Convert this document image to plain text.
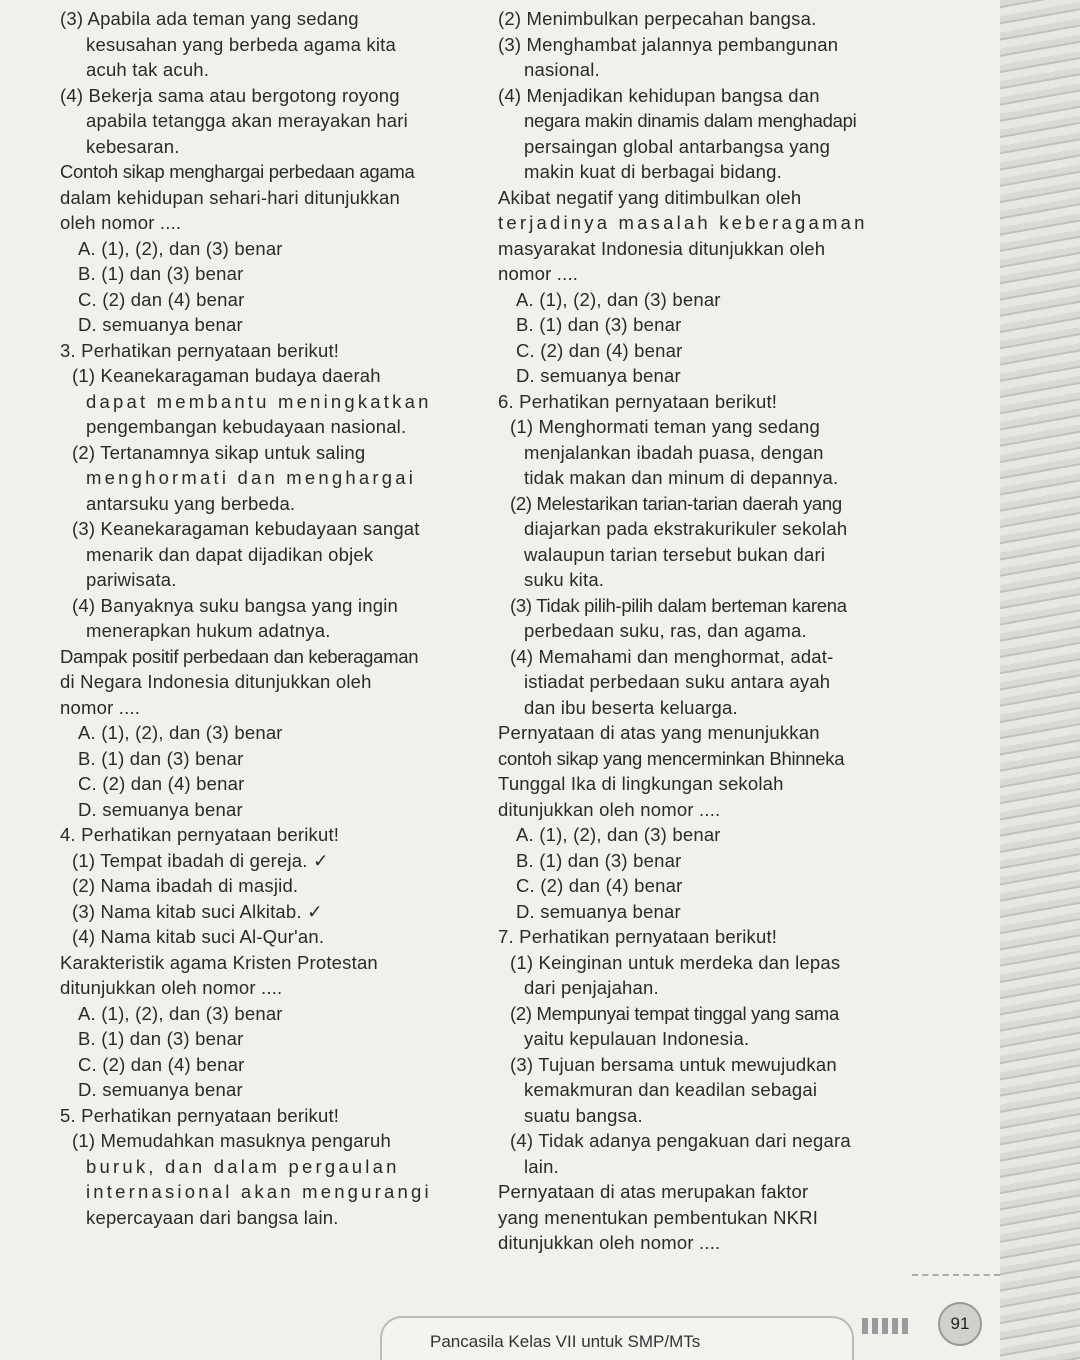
(3) Apabila ada teman yang sedang
kesusahan yang berbeda agama kita
acuh tak acuh.
(4) Bekerja sama atau bergotong royong
apabila tetangga akan merayakan hari
kebesaran.
Contoh sikap menghargai perbedaan agama
dalam kehidupan sehari-hari ditunjukkan
oleh nomor ....
A. (1), (2), dan (3) benar
B. (1) dan (3) benar
C. (2) dan (4) benar
D. semuanya benar
3. Perhatikan pernyataan berikut!
(1) Keanekaragaman budaya daerah
dapat membantu meningkatkan
pengembangan kebudayaan nasional.
(2) Tertanamnya sikap untuk saling
menghormati dan menghargai
antarsuku yang berbeda.
(3) Keanekaragaman kebudayaan sangat
menarik dan dapat dijadikan objek
pariwisata.
(4) Banyaknya suku bangsa yang ingin
menerapkan hukum adatnya.
Dampak positif perbedaan dan keberagaman
di Negara Indonesia ditunjukkan oleh
nomor ....
A. (1), (2), dan (3) benar
B. (1) dan (3) benar
C. (2) dan (4) benar
D. semuanya benar
4. Perhatikan pernyataan berikut!
(1) Tempat ibadah di gereja. ✓
(2) Nama ibadah di masjid.
(3) Nama kitab suci Alkitab. ✓
(4) Nama kitab suci Al-Qur'an.
Karakteristik agama Kristen Protestan
ditunjukkan oleh nomor ....
A. (1), (2), dan (3) benar
B. (1) dan (3) benar
C. (2) dan (4) benar
D. semuanya benar
5. Perhatikan pernyataan berikut!
(1) Memudahkan masuknya pengaruh
buruk, dan dalam pergaulan
internasional akan mengurangi
kepercayaan dari bangsa lain.
(2) Menimbulkan perpecahan bangsa.
(3) Menghambat jalannya pembangunan
nasional.
(4) Menjadikan kehidupan bangsa dan
negara makin dinamis dalam menghadapi
persaingan global antarbangsa yang
makin kuat di berbagai bidang.
Akibat negatif yang ditimbulkan oleh
terjadinya masalah keberagaman
masyarakat Indonesia ditunjukkan oleh
nomor ....
A. (1), (2), dan (3) benar
B. (1) dan (3) benar
C. (2) dan (4) benar
D. semuanya benar
6. Perhatikan pernyataan berikut!
(1) Menghormati teman yang sedang
menjalankan ibadah puasa, dengan
tidak makan dan minum di depannya.
(2) Melestarikan tarian-tarian daerah yang
diajarkan pada ekstrakurikuler sekolah
walaupun tarian tersebut bukan dari
suku kita.
(3) Tidak pilih-pilih dalam berteman karena
perbedaan suku, ras, dan agama.
(4) Memahami dan menghormat, adat-
istiadat perbedaan suku antara ayah
dan ibu beserta keluarga.
Pernyataan di atas yang menunjukkan
contoh sikap yang mencerminkan Bhinneka
Tunggal Ika di lingkungan sekolah
ditunjukkan oleh nomor ....
A. (1), (2), dan (3) benar
B. (1) dan (3) benar
C. (2) dan (4) benar
D. semuanya benar
7. Perhatikan pernyataan berikut!
(1) Keinginan untuk merdeka dan lepas
dari penjajahan.
(2) Mempunyai tempat tinggal yang sama
yaitu kepulauan Indonesia.
(3) Tujuan bersama untuk mewujudkan
kemakmuran dan keadilan sebagai
suatu bangsa.
(4) Tidak adanya pengakuan dari negara
lain.
Pernyataan di atas merupakan faktor
yang menentukan pembentukan NKRI
ditunjukkan oleh nomor ....
Pancasila Kelas VII untuk SMP/MTs
91
